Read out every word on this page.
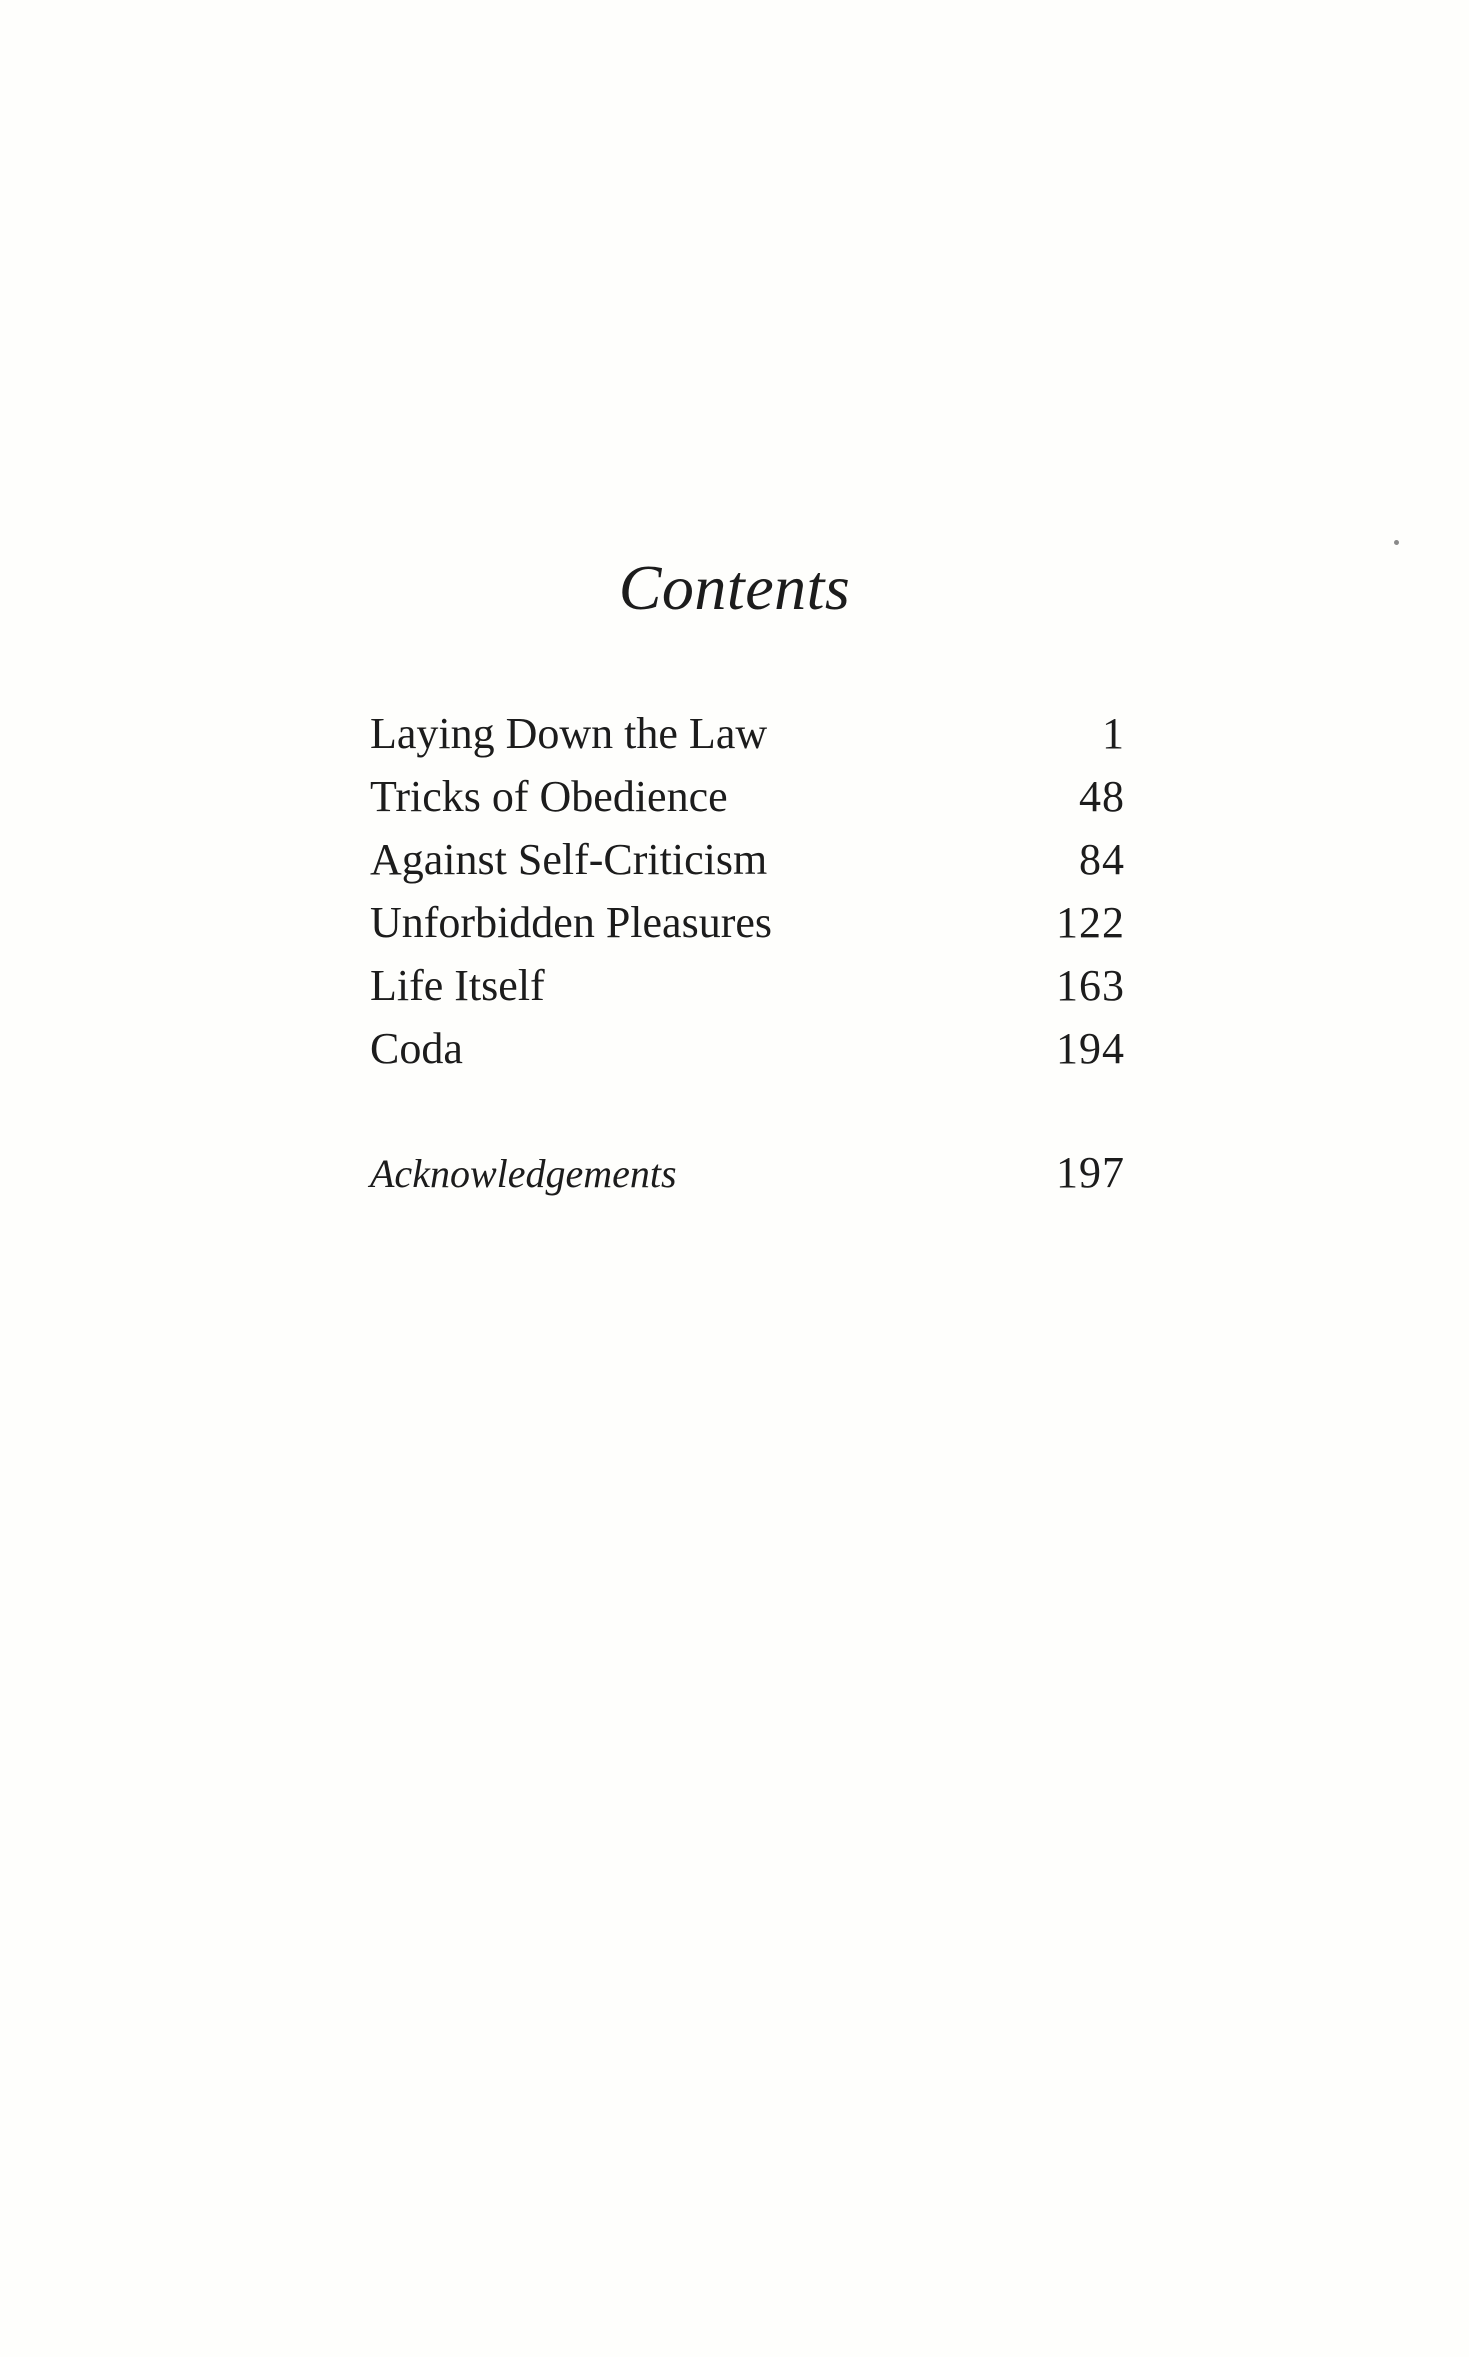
Contents
Laying Down the Law	1
Tricks of Obedience	48
Against Self-Criticism	84
Unforbidden Pleasures	122
Life Itself	163
Coda	194
Acknowledgements	197
